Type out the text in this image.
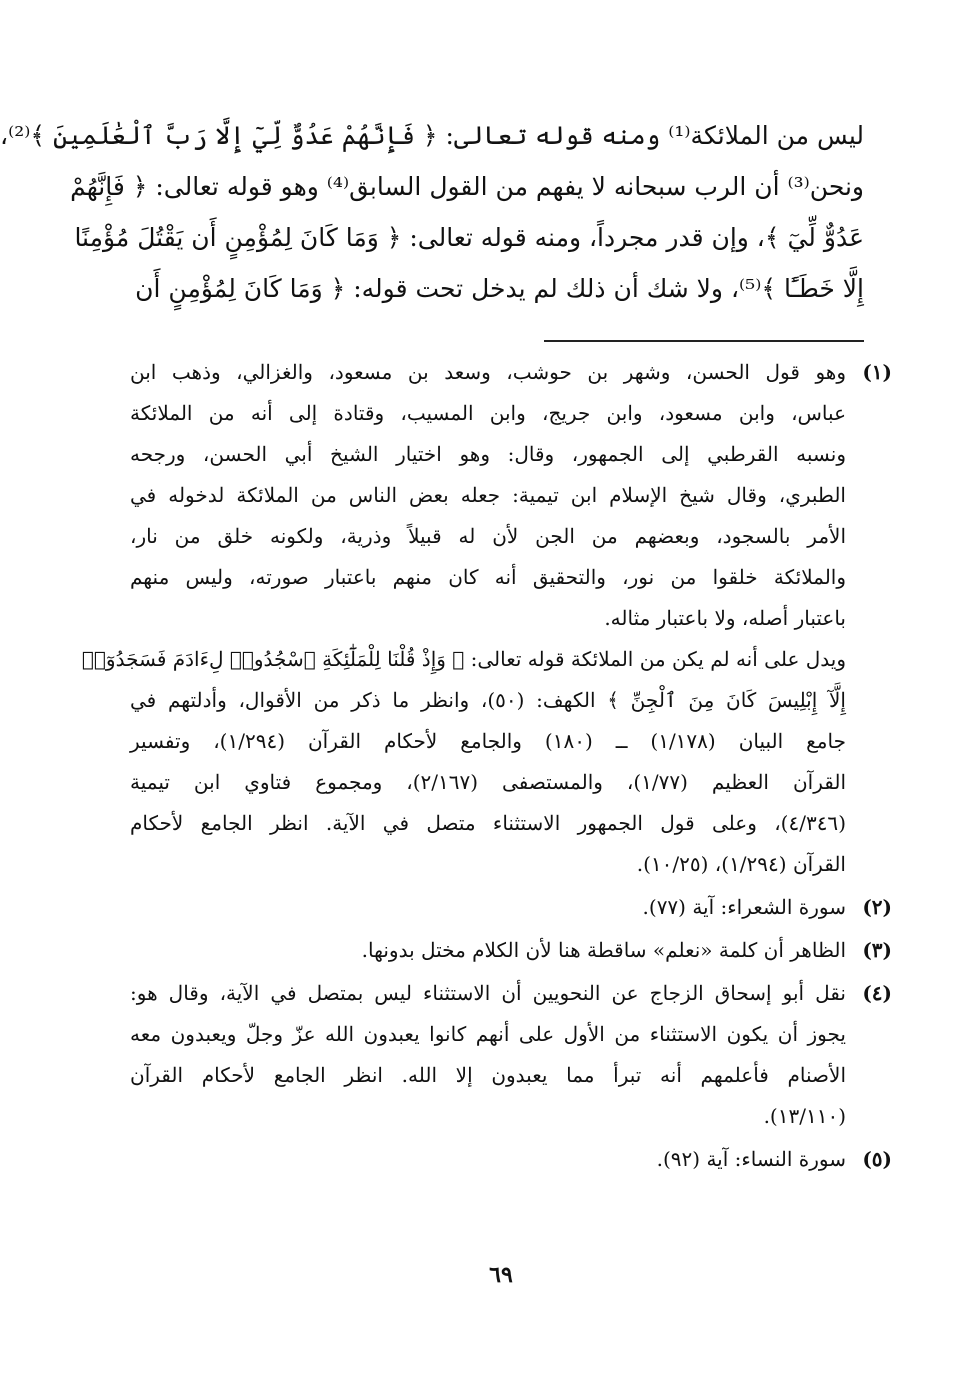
ليس من الملائكة⁽¹⁾ ومنه قوله تعالى: ﴿ فَإِنَّهُمْ عَدُوٌّ لِّيٓ إِلَّا رَبَّ ٱلْعَٰلَمِينَ ﴾⁽²⁾،
ونحن⁽³⁾ أن الرب سبحانه لا يفهم من القول السابق⁽⁴⁾ وهو قوله تعالى: ﴿ فَإِنَّهُمْ
عَدُوٌّ لِّيٓ ﴾، وإن قدر مجرداً، ومنه قوله تعالى: ﴿ وَمَا كَانَ لِمُؤْمِنٍ أَن يَقْتُلَ مُؤْمِنًا
إِلَّا خَطَـًٔا ﴾⁽⁵⁾، ولا شك أن ذلك لم يدخل تحت قوله: ﴿ وَمَا كَانَ لِمُؤْمِنٍ أَن
(١)
وهو قول الحسن، وشهر بن حوشب، وسعد بن مسعود، والغزالي، وذهب ابن
عباس، وابن مسعود، وابن جريج، وابن المسيب، وقتادة إلى أنه من الملائكة
ونسبه القرطبي إلى الجمهور، وقال: وهو اختيار الشيخ أبي الحسن، ورجحه
الطبري، وقال شيخ الإسلام ابن تيمية: جعله بعض الناس من الملائكة لدخوله في
الأمر بالسجود، وبعضهم من الجن لأن له قبيلاً وذرية، ولكونه خلق من نار،
والملائكة خلقوا من نور، والتحقيق أنه كان منهم باعتبار صورته، وليس منهم
باعتبار أصله، ولا باعتبار مثاله.
ويدل على أنه لم يكن من الملائكة قوله تعالى: ﴿ وَإِذْ قُلْنَا لِلْمَلَٰٓئِكَةِ ٱسْجُدُوا۟ لِءَادَمَ فَسَجَدُوٓا۟
إِلَّآ إِبْلِيسَ كَانَ مِنَ ٱلْجِنِّ ﴾ الكهف: (٥٠)، وانظر ما ذكر من الأقوال، وأدلتهم في
جامع البيان (١/١٧٨) ــ (١٨٠) والجامع لأحكام القرآن (١/٢٩٤)، وتفسير
القرآن العظيم (١/٧٧)، والمستصفى (٢/١٦٧)، ومجموع فتاوي ابن تيمية
(٤/٣٤٦)، وعلى قول الجمهور الاستثناء متصل في الآية. انظر الجامع لأحكام
القرآن (١/٢٩٤)، (١٠/٢٥).
(٢)
سورة الشعراء: آية (٧٧).
(٣)
الظاهر أن كلمة «نعلم» ساقطة هنا لأن الكلام مختل بدونها.
(٤)
نقل أبو إسحاق الزجاج عن النحويين أن الاستثناء ليس بمتصل في الآية، وقال هو:
يجوز أن يكون الاستثناء من الأول على أنهم كانوا يعبدون الله عزّ وجلّ ويعبدون معه
الأصنام فأعلمهم أنه تبرأ مما يعبدون إلا الله. انظر الجامع لأحكام القرآن
(١٣/١١٠).
(٥)
سورة النساء: آية (٩٢).
٦٩
